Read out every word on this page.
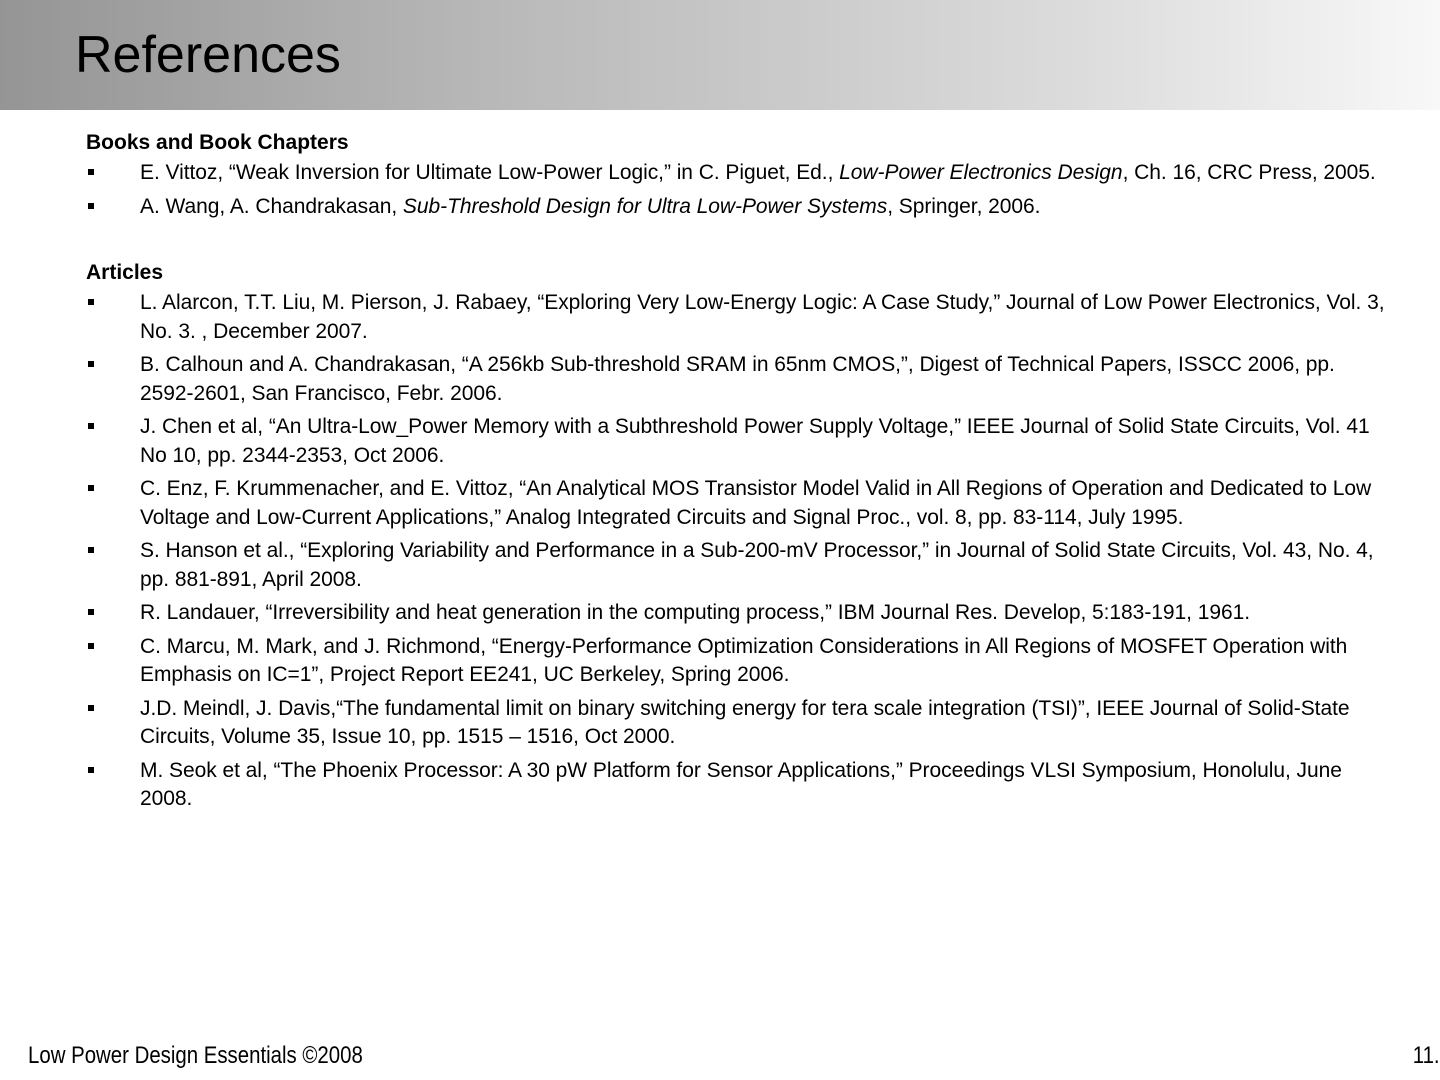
References
Books and Book Chapters
E. Vittoz, “Weak Inversion for Ultimate Low-Power Logic,” in C. Piguet, Ed., Low-Power Electronics Design, Ch. 16, CRC Press, 2005.
A. Wang, A. Chandrakasan, Sub-Threshold Design for Ultra Low-Power Systems, Springer, 2006.
Articles
L. Alarcon, T.T. Liu, M. Pierson, J. Rabaey, “Exploring Very Low-Energy Logic: A Case Study,” Journal of Low Power Electronics, Vol. 3, No. 3. , December 2007.
B. Calhoun and A. Chandrakasan, “A 256kb Sub-threshold SRAM in 65nm CMOS,”, Digest of Technical Papers, ISSCC 2006, pp. 2592-2601, San Francisco, Febr. 2006.
J. Chen et al, “An Ultra-Low_Power Memory with a Subthreshold Power Supply Voltage,” IEEE Journal of Solid State Circuits, Vol. 41 No 10, pp. 2344-2353, Oct 2006.
C. Enz, F. Krummenacher, and E. Vittoz, “An Analytical MOS Transistor Model Valid in All Regions of Operation and Dedicated to Low Voltage and Low-Current Applications,” Analog Integrated Circuits and Signal Proc., vol. 8, pp. 83-114, July 1995.
S. Hanson et al., “Exploring Variability and Performance in a Sub-200-mV Processor,” in Journal of Solid State Circuits, Vol. 43, No. 4, pp. 881-891, April 2008.
R. Landauer, “Irreversibility and heat generation in the computing process,” IBM Journal Res. Develop, 5:183-191, 1961.
C. Marcu, M. Mark, and J. Richmond, “Energy-Performance Optimization Considerations in All Regions of MOSFET Operation with Emphasis on IC=1”, Project Report EE241, UC Berkeley, Spring 2006.
J.D. Meindl, J. Davis,“The fundamental limit on binary switching energy for tera scale integration (TSI)”, IEEE Journal of Solid-State Circuits, Volume 35, Issue 10, pp. 1515 – 1516, Oct 2000.
M. Seok et al, “The Phoenix Processor: A 30 pW Platform for Sensor Applications,” Proceedings VLSI Symposium, Honolulu, June 2008.
Low Power Design Essentials ©2008	11.
